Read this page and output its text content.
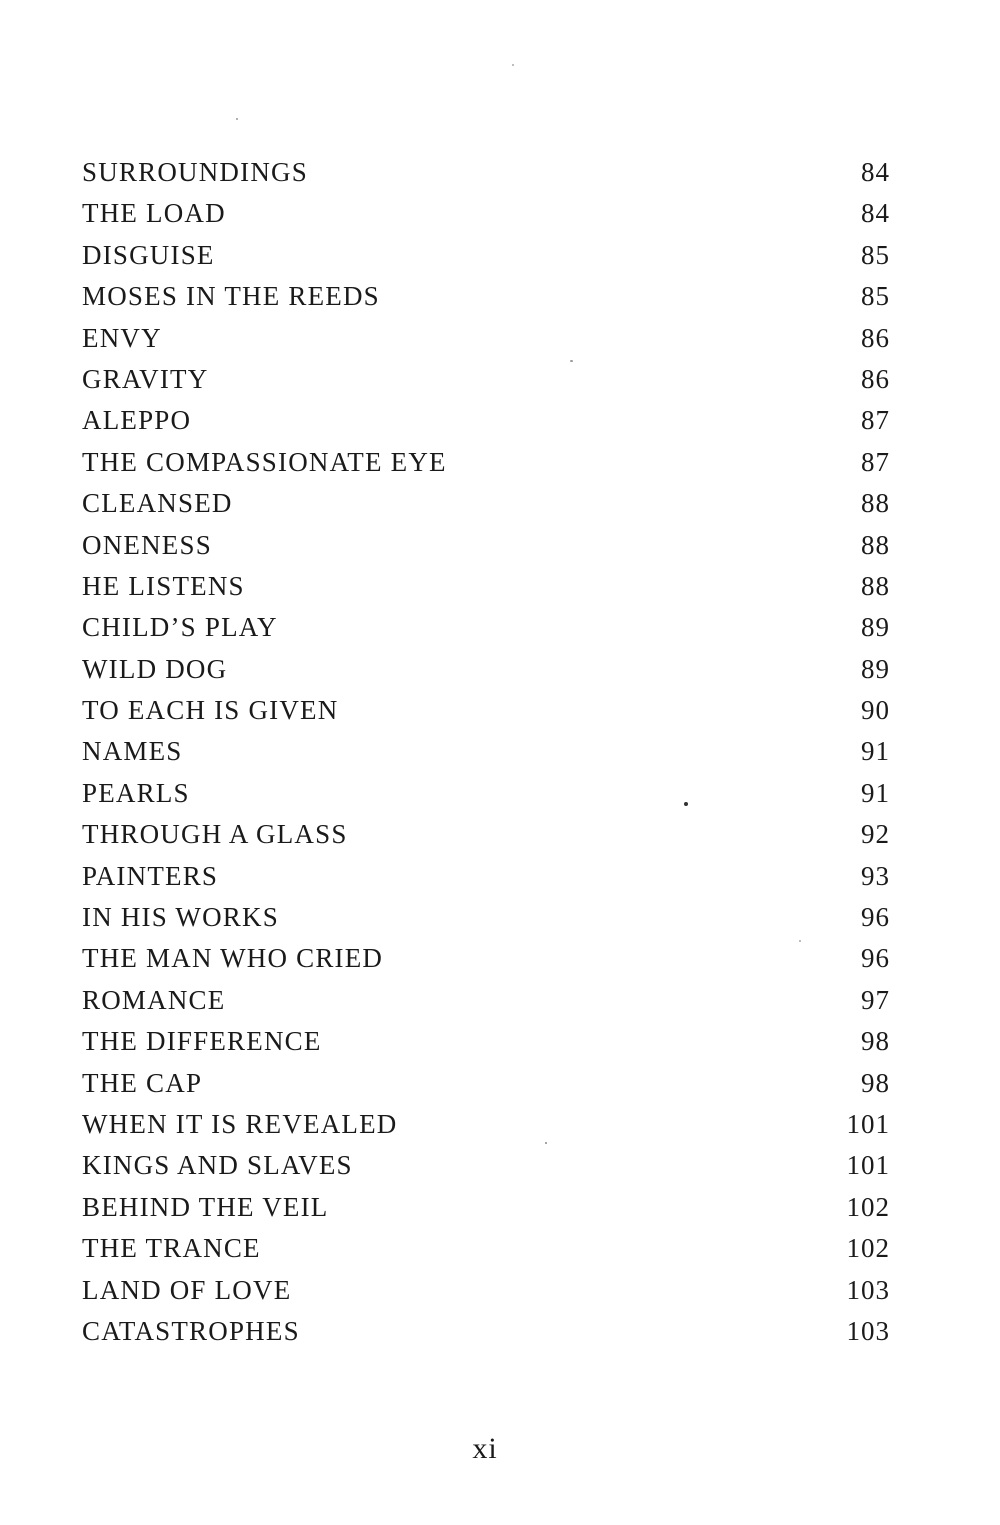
SURROUNDINGS	84
THE LOAD	84
DISGUISE	85
MOSES IN THE REEDS	85
ENVY	86
GRAVITY	86
ALEPPO	87
THE COMPASSIONATE EYE	87
CLEANSED	88
ONENESS	88
HE LISTENS	88
CHILD’S PLAY	89
WILD DOG	89
TO EACH IS GIVEN	90
NAMES	91
PEARLS	91
THROUGH A GLASS	92
PAINTERS	93
IN HIS WORKS	96
THE MAN WHO CRIED	96
ROMANCE	97
THE DIFFERENCE	98
THE CAP	98
WHEN IT IS REVEALED	101
KINGS AND SLAVES	101
BEHIND THE VEIL	102
THE TRANCE	102
LAND OF LOVE	103
CATASTROPHES	103
xi
